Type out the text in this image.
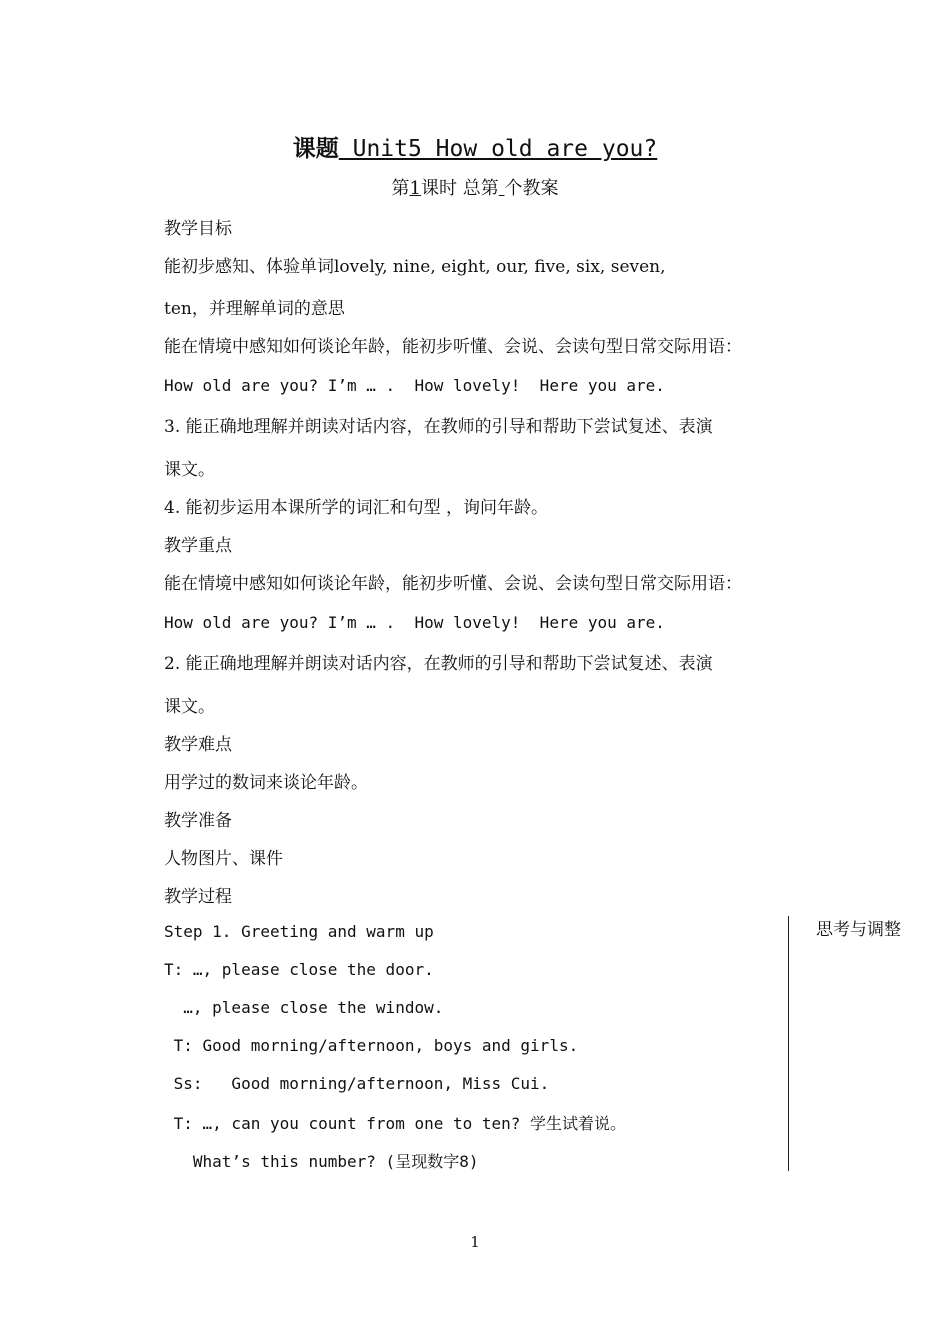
课题 Unit5 How old are you?
第1课时 总第 个教案
教学目标
能初步感知、体验单词lovely, nine, eight, our, five, six, seven,
ten，并理解单词的意思
能在情境中感知如何谈论年龄，能初步听懂、会说、会读句型日常交际用语：
How old are you? I’m … .  How lovely!  Here you are.
3. 能正确地理解并朗读对话内容，在教师的引导和帮助下尝试复述、表演
课文。
4. 能初步运用本课所学的词汇和句型 ，询问年龄。
教学重点
能在情境中感知如何谈论年龄，能初步听懂、会说、会读句型日常交际用语：
How old are you? I’m … .  How lovely!  Here you are.
2. 能正确地理解并朗读对话内容，在教师的引导和帮助下尝试复述、表演
课文。
教学难点
用学过的数词来谈论年龄。
教学准备
人物图片、课件
教学过程
Step 1. Greeting and warm up
T: …, please close the door.
…, please close the window.
T: Good morning/afternoon, boys and girls.
Ss:   Good morning/afternoon, Miss Cui.
T: …, can you count from one to ten? 学生试着说。
What’s this number? (呈现数字8)
思考与调整
1
